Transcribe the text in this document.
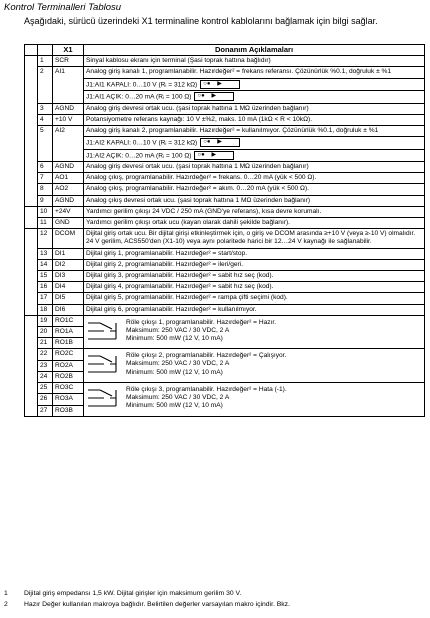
Kontrol Terminalleri Tablosu
Aşağıdaki, sürücü üzerindeki X1 terminaline kontrol kablolarını bağlamak için bilgi sağlar.
		X1	Donanım Açıklamaları
	1	SCR	Sinyal kablosu ekranı için terminal (Şasi toprak hattına bağlıdır)
	2	AI1	Analog giriş kanalı 1, programlanabilir. Hazırdeğer² = frekans referansı. Çözünürlük %0.1, doğruluk ± %1
			J1:AI1 KAPALI: 0…10 V (Rᵢ = 312 kΩ) ○● ▶

			J1:AI1 AÇIK: 0…20 mA (Rᵢ = 100 Ω) ○● ▶

	3	AGND	Analog giriş devresi ortak ucu. (şasi toprak hattına 1 MΩ üzerinden bağlanır)
	4	+10 V	Potansiyometre referans kaynağı: 10 V ±%2, maks. 10 mA (1kΩ < R < 10kΩ).
	5	AI2	Analog giriş kanalı 2, programlanabilir. Hazırdeğer² = kullanılmıyor. Çözünürlük %0.1, doğruluk ± %1
			J1:AI2 KAPALI: 0…10 V (Rᵢ = 312 kΩ) ○● ▶

			J1:AI2 AÇIK: 0…20 mA (Rᵢ = 100 Ω) ○● ▶

	6	AGND	Analog giriş devresi ortak ucu. (şasi toprak hattına 1 MΩ üzerinden bağlanır)
	7	AO1	Analog çıkış, programlanabilir. Hazırdeğer² = frekans. 0…20 mA (yük < 500 Ω).
	8	AO2	Analog çıkış, programlanabilir. Hazırdeğer² = akım. 0…20 mA (yük < 500 Ω).
	9	AGND	Analog çıkış devresi ortak ucu. (şasi toprak hattına 1 MΩ üzerinden bağlanır)
	10	+24V	Yardımcı gerilim çıkışı 24 VDC / 250 mA (GND'ye referans), kısa devre korumalı.
	11	GND	Yardımcı gerilim çıkışı ortak ucu (kayan olarak dahili şekilde bağlanır).
	12	DCOM	Dijital giriş ortak ucu. Bir dijital girişi etkinleştirmek için, o giriş ve DCOM arasında ≥+10 V (veya ≥-10 V) olmalıdır. 24 V gerilim, ACS550'den (X1-10) veya aynı polaritede harici bir 12…24 V kaynağı ile sağlanabilir.
	13	DI1	Dijital giriş 1, programlanabilir. Hazırdeğer² = start/stop.
	14	DI2	Dijital giriş 2, programlanabilir. Hazırdeğer² = ileri/geri.
	15	DI3	Dijital giriş 3, programlanabilir. Hazırdeğer² = sabit hız seç (kod).
	16	DI4	Dijital giriş 4, programlanabilir. Hazırdeğer² = sabit hız seç (kod).
	17	DI5	Dijital giriş 5, programlanabilir. Hazırdeğer² = rampa çifti seçimi (kod).
	18	DI6	Dijital giriş 6, programlanabilir. Hazırdeğer² = kullanılmıyor.
	19	RO1C	Röle çıkışı 1, programlanabilir. Hazırdeğer² = Hazır.
Maksimum: 250 VAC / 30 VDC, 2 A
Minimum: 500 mW (12 V, 10 mA)

	20	RO1A	
	21	RO1B	
	22	RO2C	Röle çıkışı 2, programlanabilir. Hazırdeğer² = Çalışıyor.
Maksimum: 250 VAC / 30 VDC, 2 A
Minimum: 500 mW (12 V, 10 mA)

	23	RO2A	
	24	RO2B	
	25	RO3C	Röle çıkışı 3, programlanabilir. Hazırdeğer² = Hata (-1).
Maksimum: 250 VAC / 30 VDC, 2 A
Minimum: 500 mW (12 V, 10 mA)

	26	RO3A	
	27	RO3B	
1 Dijital giriş empedansı 1,5 kW. Dijital girişler için maksimum gerilim 30 V.
2 Hazır Değer kullanılan makroya bağlıdır. Belirtilen değerler varsayılan makro içindir. Bkz.
